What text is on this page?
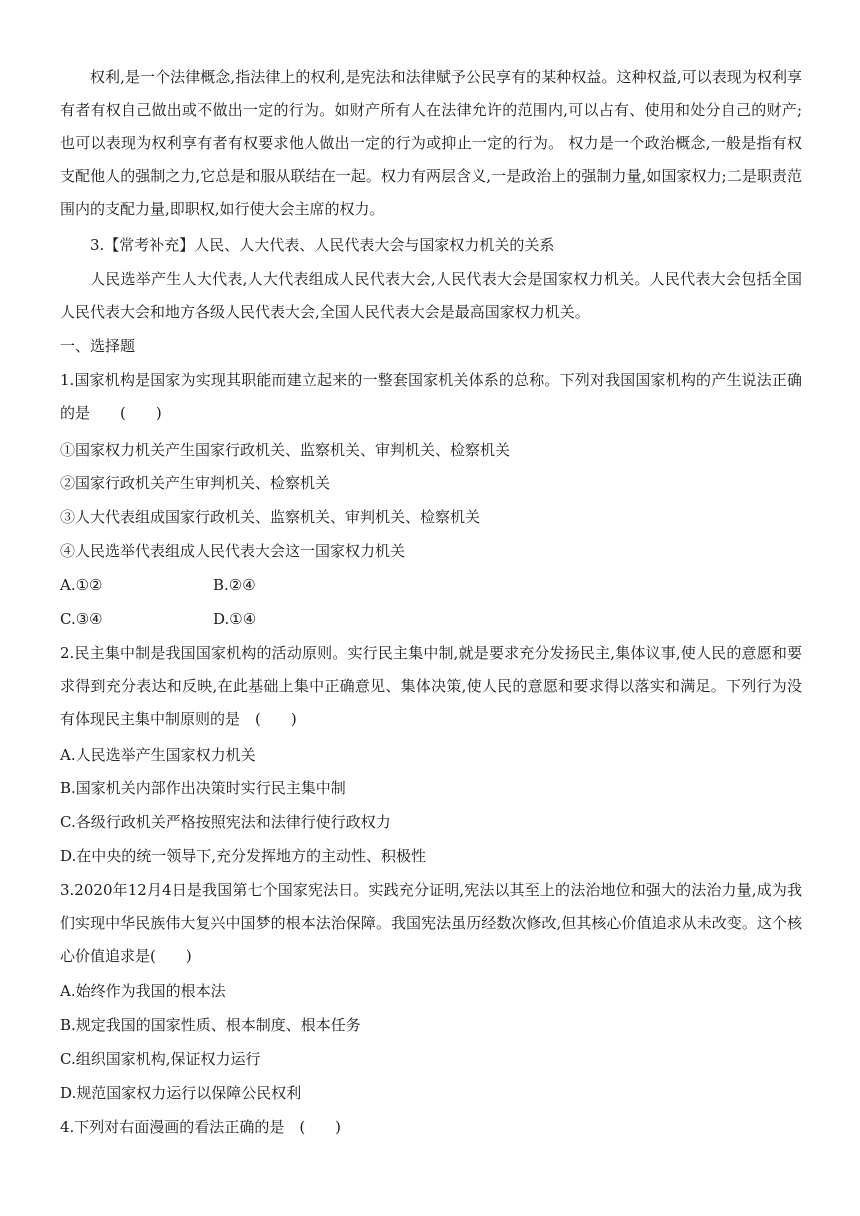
权利,是一个法律概念,指法律上的权利,是宪法和法律赋予公民享有的某种权益。这种权益,可以表现为权利享有者有权自己做出或不做出一定的行为。如财产所有人在法律允许的范围内,可以占有、使用和处分自己的财产;也可以表现为权利享有者有权要求他人做出一定的行为或抑止一定的行为。 权力是一个政治概念,一般是指有权支配他人的强制之力,它总是和服从联结在一起。权力有两层含义,一是政治上的强制力量,如国家权力;二是职责范围内的支配力量,即职权,如行使大会主席的权力。

3.【常考补充】人民、人大代表、人民代表大会与国家权力机关的关系

人民选举产生人大代表,人大代表组成人民代表大会,人民代表大会是国家权力机关。人民代表大会包括全国人民代表大会和地方各级人民代表大会,全国人民代表大会是最高国家权力机关。

一、选择题

1.国家机构是国家为实现其职能而建立起来的一整套国家机关体系的总称。下列对我国国家机构的产生说法正确的是　　(　　)

①国家权力机关产生国家行政机关、监察机关、审判机关、检察机关

②国家行政机关产生审判机关、检察机关

③人大代表组成国家行政机关、监察机关、审判机关、检察机关

④人民选举代表组成人民代表大会这一国家权力机关

A.①②	B.②④
C.③④	D.①④

2.民主集中制是我国国家机构的活动原则。实行民主集中制,就是要求充分发扬民主,集体议事,使人民的意愿和要求得到充分表达和反映,在此基础上集中正确意见、集体决策,使人民的意愿和要求得以落实和满足。下列行为没有体现民主集中制原则的是　(　　)

A.人民选举产生国家权力机关

B.国家机关内部作出决策时实行民主集中制

C.各级行政机关严格按照宪法和法律行使行政权力

D.在中央的统一领导下,充分发挥地方的主动性、积极性

3.2020年12月4日是我国第七个国家宪法日。实践充分证明,宪法以其至上的法治地位和强大的法治力量,成为我们实现中华民族伟大复兴中国梦的根本法治保障。我国宪法虽历经数次修改,但其核心价值追求从未改变。这个核心价值追求是(　　)

A.始终作为我国的根本法

B.规定我国的国家性质、根本制度、根本任务

C.组织国家机构,保证权力运行

D.规范国家权力运行以保障公民权利

4.下列对右面漫画的看法正确的是　(　　)
